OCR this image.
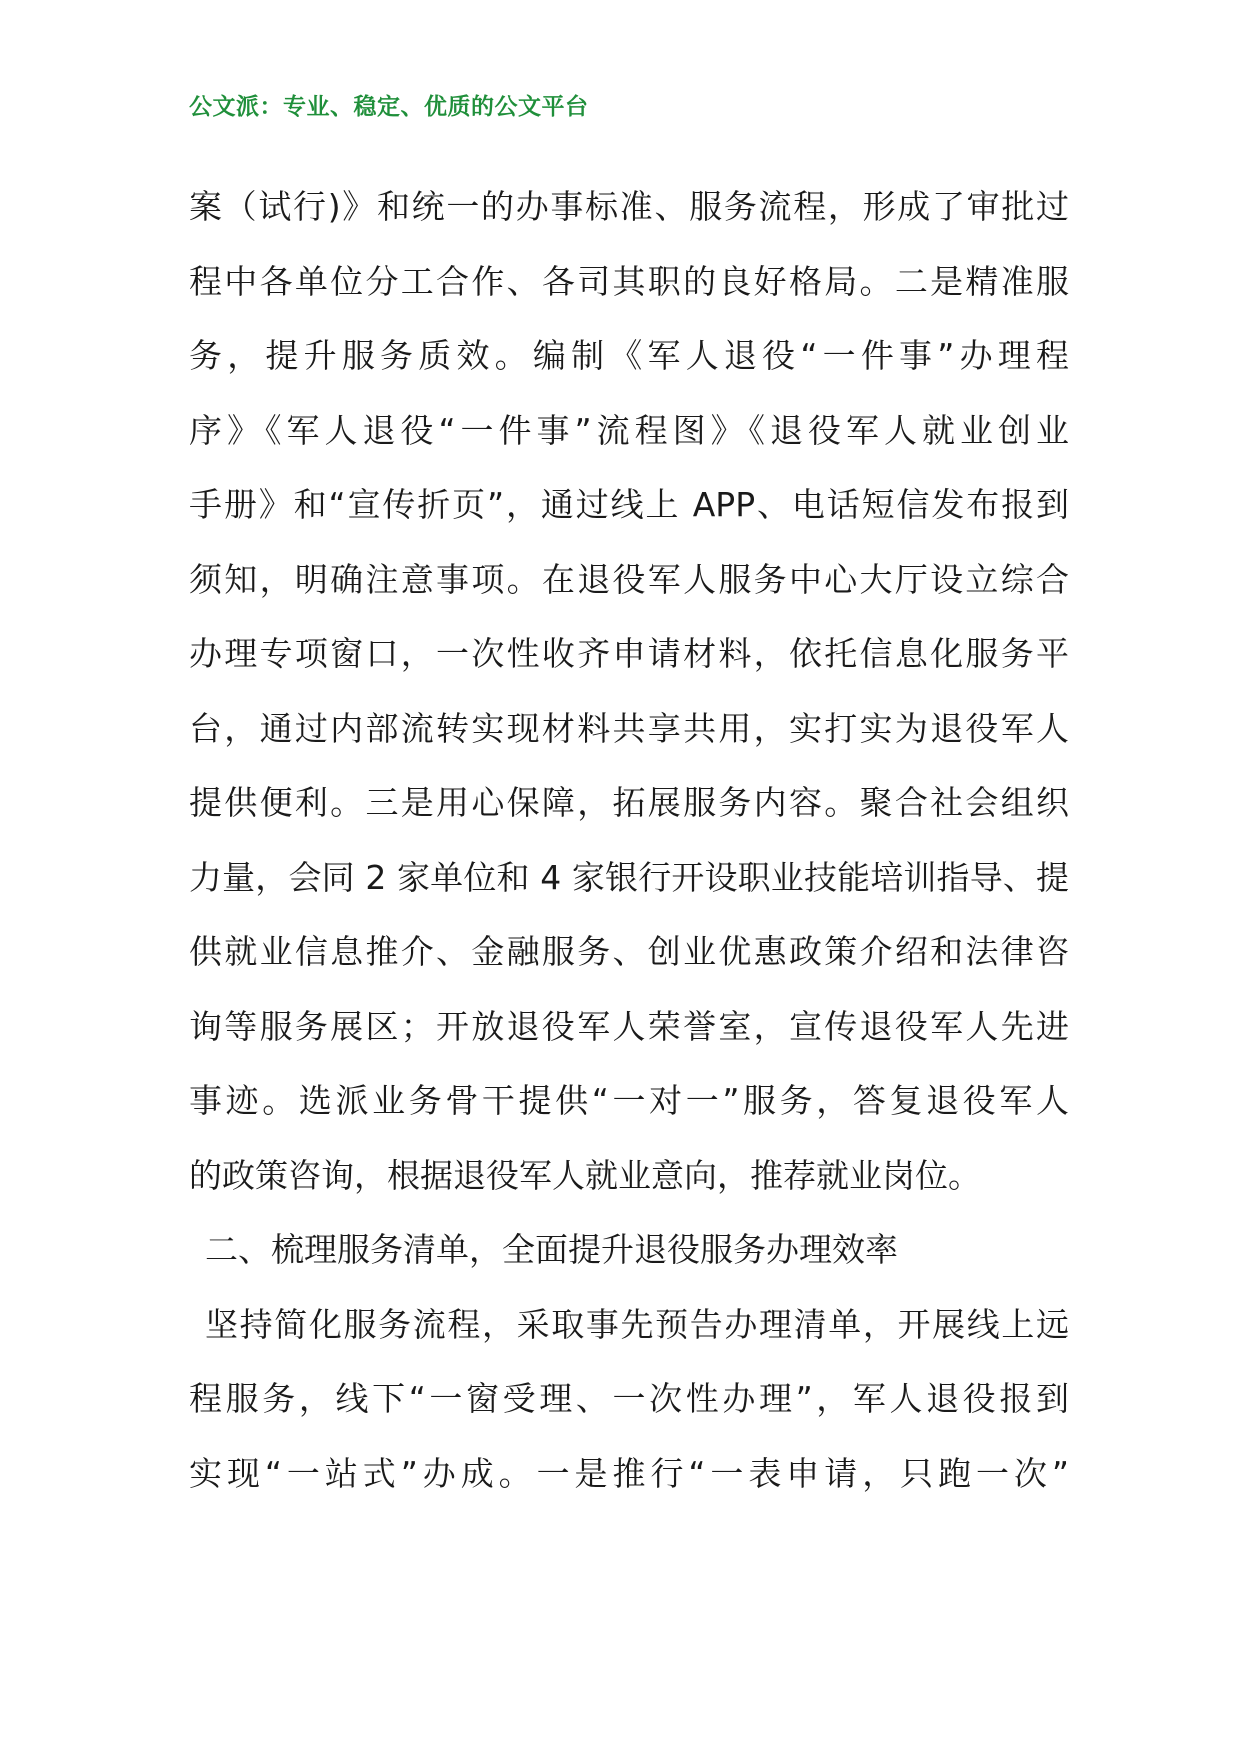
公文派：专业、稳定、优质的公文平台
案（试行)》和统一的办事标准、服务流程，形成了审批过
程中各单位分工合作、各司其职的良好格局。二是精准服
务，提升服务质效。编制《军人退役“一件事”办理程
序》《军人退役“一件事”流程图》《退役军人就业创业
手册》和“宣传折页”，通过线上 APP、电话短信发布报到
须知，明确注意事项。在退役军人服务中心大厅设立综合
办理专项窗口，一次性收齐申请材料，依托信息化服务平
台，通过内部流转实现材料共享共用，实打实为退役军人
提供便利。三是用心保障，拓展服务内容。聚合社会组织
力量，会同 2 家单位和 4 家银行开设职业技能培训指导、提
供就业信息推介、金融服务、创业优惠政策介绍和法律咨
询等服务展区；开放退役军人荣誉室，宣传退役军人先进
事迹。选派业务骨干提供“一对一”服务，答复退役军人
的政策咨询，根据退役军人就业意向，推荐就业岗位。
二、梳理服务清单，全面提升退役服务办理效率
坚持简化服务流程，采取事先预告办理清单，开展线上远
程服务，线下“一窗受理、一次性办理”，军人退役报到
实现“一站式”办成。一是推行“一表申请，只跑一次”
